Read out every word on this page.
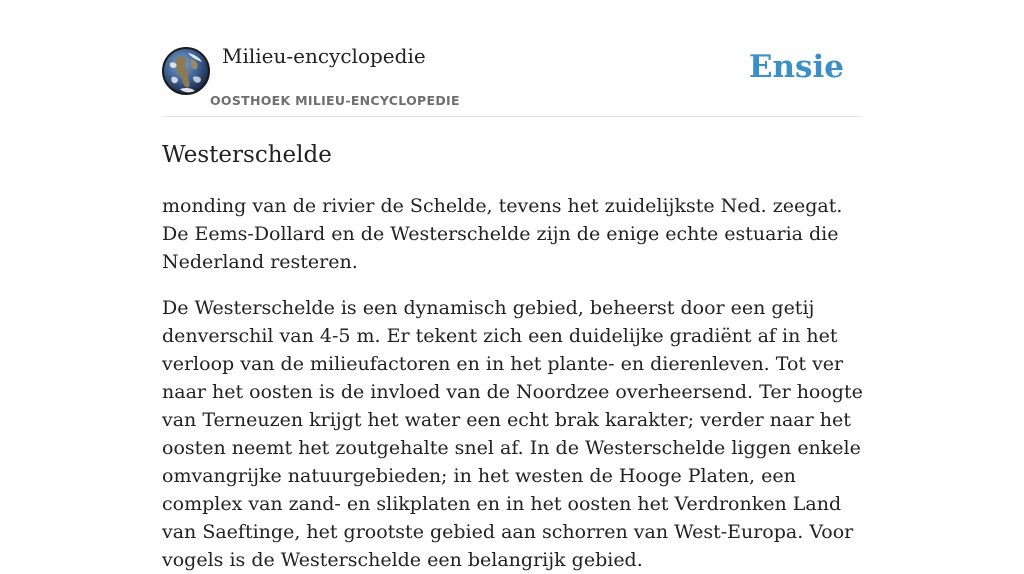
Milieu-encyclopedie
OOSTHOEK MILIEU-ENCYCLOPEDIE
Ensie
Westerschelde

monding van de rivier de Schelde, tevens het zuidelijkste Ned. zeegat. De Eems-Dollard en de Westerschelde zijn de enige echte estuaria die Nederland resteren.

De Westerschelde is een dynamisch gebied, beheerst door een getij denverschil van 4-5 m. Er tekent zich een duidelijke gradiënt af in het verloop van de milieufactoren en in het plante- en dierenleven. Tot ver naar het oosten is de invloed van de Noordzee overheersend. Ter hoogte van Terneuzen krijgt het water een echt brak karakter; verder naar het oosten neemt het zoutgehalte snel af. In de Westerschelde liggen enkele omvangrijke natuurgebieden; in het westen de Hooge Platen, een complex van zand- en slikplaten en in het oosten het Verdronken Land van Saeftinge, het grootste gebied aan schorren van West-Europa. Voor vogels is de Westerschelde een belangrijk gebied.
